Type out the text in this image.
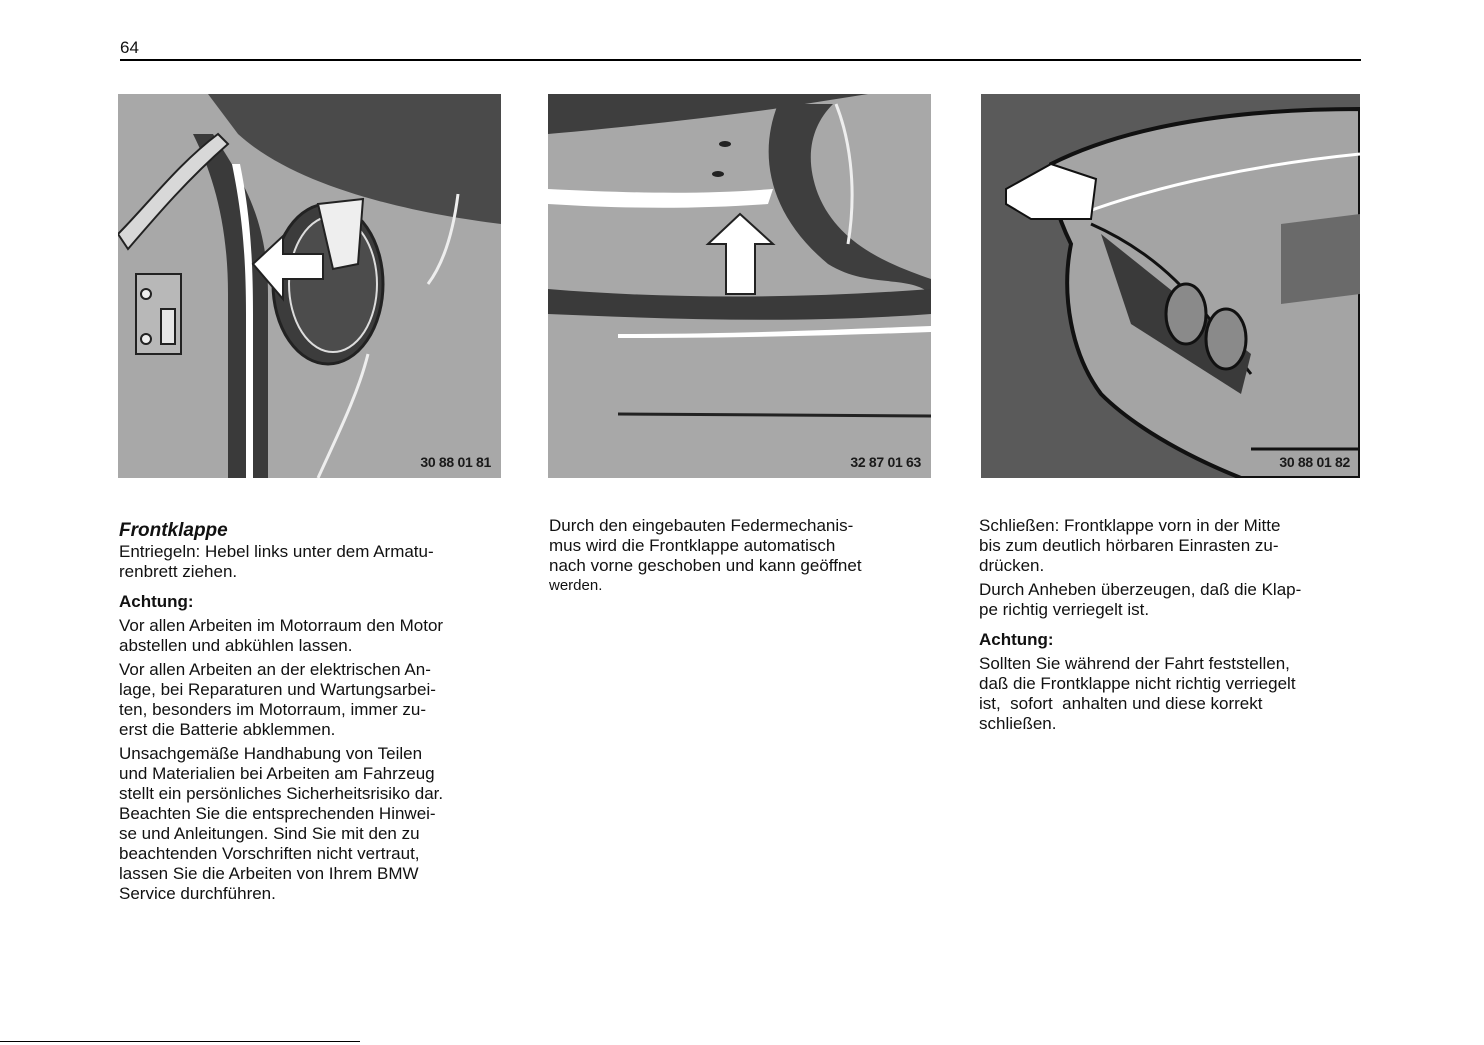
64
30 88 01 81	32 87 01 63	30 88 01 82
Frontklappe
Entriegeln: Hebel links unter dem Armatu-
renbrett ziehen.
Achtung:
Vor allen Arbeiten im Motorraum den Motor
abstellen und abkühlen lassen.
Vor allen Arbeiten an der elektrischen An-
lage, bei Reparaturen und Wartungsarbei-
ten, besonders im Motorraum, immer zu-
erst die Batterie abklemmen.
Unsachgemäße Handhabung von Teilen
und Materialien bei Arbeiten am Fahrzeug
stellt ein persönliches Sicherheitsrisiko dar.
Beachten Sie die entsprechenden Hinwei-
se und Anleitungen. Sind Sie mit den zu
beachtenden Vorschriften nicht vertraut,
lassen Sie die Arbeiten von Ihrem BMW
Service durchführen.
Durch den eingebauten Federmechanis-
mus wird die Frontklappe automatisch
nach vorne geschoben und kann geöffnet
werden.
Schließen: Frontklappe vorn in der Mitte
bis zum deutlich hörbaren Einrasten zu-
drücken.
Durch Anheben überzeugen, daß die Klap-
pe richtig verriegelt ist.
Achtung:
Sollten Sie während der Fahrt feststellen,
daß die Frontklappe nicht richtig verriegelt
ist,  sofort  anhalten und diese korrekt
schließen.
